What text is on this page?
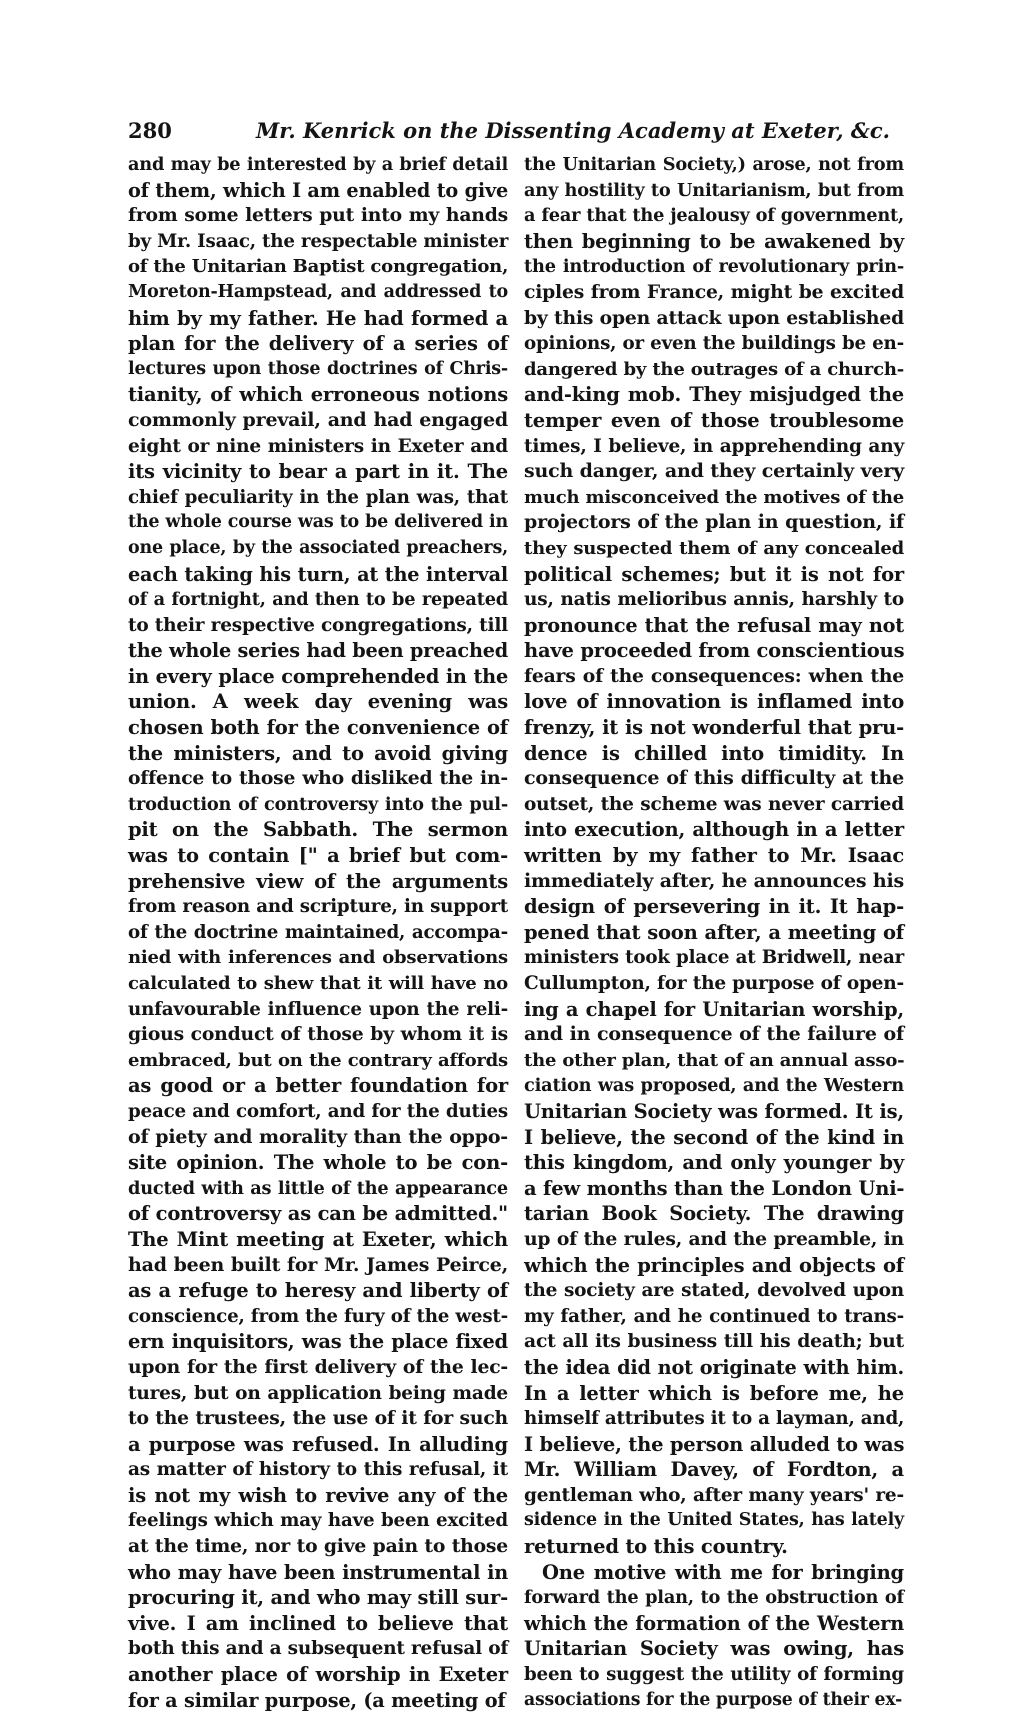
280	Mr. Kenrick on the Dissenting Academy at Exeter, &c.
and may be interested by a brief detail
of them, which I am enabled to give
from some letters put into my hands
by Mr. Isaac, the respectable minister
of the Unitarian Baptist congregation,
Moreton-Hampstead, and addressed to
him by my father. He had formed a
plan for the delivery of a series of
lectures upon those doctrines of Chris-
tianity, of which erroneous notions
commonly prevail, and had engaged
eight or nine ministers in Exeter and
its vicinity to bear a part in it. The
chief peculiarity in the plan was, that
the whole course was to be delivered in
one place, by the associated preachers,
each taking his turn, at the interval
of a fortnight, and then to be repeated
to their respective congregations, till
the whole series had been preached
in every place comprehended in the
union. A week day evening was
chosen both for the convenience of
the ministers, and to avoid giving
offence to those who disliked the in-
troduction of controversy into the pul-
pit on the Sabbath. The sermon
was to contain [" a brief but com-
prehensive view of the arguments
from reason and scripture, in support
of the doctrine maintained, accompa-
nied with inferences and observations
calculated to shew that it will have no
unfavourable influence upon the reli-
gious conduct of those by whom it is
embraced, but on the contrary affords
as good or a better foundation for
peace and comfort, and for the duties
of piety and morality than the oppo-
site opinion. The whole to be con-
ducted with as little of the appearance
of controversy as can be admitted."
The Mint meeting at Exeter, which
had been built for Mr. James Peirce,
as a refuge to heresy and liberty of
conscience, from the fury of the west-
ern inquisitors, was the place fixed
upon for the first delivery of the lec-
tures, but on application being made
to the trustees, the use of it for such
a purpose was refused. In alluding
as matter of history to this refusal, it
is not my wish to revive any of the
feelings which may have been excited
at the time, nor to give pain to those
who may have been instrumental in
procuring it, and who may still sur-
vive. I am inclined to believe that
both this and a subsequent refusal of
another place of worship in Exeter
for a similar purpose, (a meeting of
the Unitarian Society,) arose, not from
any hostility to Unitarianism, but from
a fear that the jealousy of government,
then beginning to be awakened by
the introduction of revolutionary prin-
ciples from France, might be excited
by this open attack upon established
opinions, or even the buildings be en-
dangered by the outrages of a church-
and-king mob. They misjudged the
temper even of those troublesome
times, I believe, in apprehending any
such danger, and they certainly very
much misconceived the motives of the
projectors of the plan in question, if
they suspected them of any concealed
political schemes; but it is not for
us, natis melioribus annis, harshly to
pronounce that the refusal may not
have proceeded from conscientious
fears of the consequences: when the
love of innovation is inflamed into
frenzy, it is not wonderful that pru-
dence is chilled into timidity. In
consequence of this difficulty at the
outset, the scheme was never carried
into execution, although in a letter
written by my father to Mr. Isaac
immediately after, he announces his
design of persevering in it. It hap-
pened that soon after, a meeting of
ministers took place at Bridwell, near
Cullumpton, for the purpose of open-
ing a chapel for Unitarian worship,
and in consequence of the failure of
the other plan, that of an annual asso-
ciation was proposed, and the Western
Unitarian Society was formed. It is,
I believe, the second of the kind in
this kingdom, and only younger by
a few months than the London Uni-
tarian Book Society. The drawing
up of the rules, and the preamble, in
which the principles and objects of
the society are stated, devolved upon
my father, and he continued to trans-
act all its business till his death; but
the idea did not originate with him.
In a letter which is before me, he
himself attributes it to a layman, and,
I believe, the person alluded to was
Mr. William Davey, of Fordton, a
gentleman who, after many years' re-
sidence in the United States, has lately
returned to this country.
One motive with me for bringing
forward the plan, to the obstruction of
which the formation of the Western
Unitarian Society was owing, has
been to suggest the utility of forming
associations for the purpose of their ex-
